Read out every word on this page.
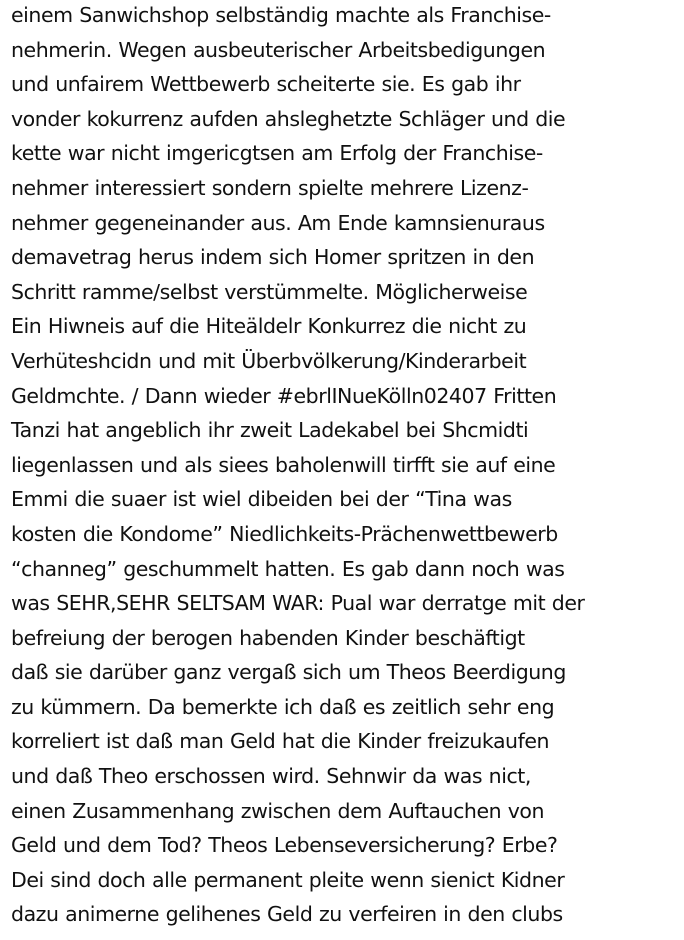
einem Sanwichshop selbständig machte als Franchise-
nehmerin. Wegen ausbeuterischer Arbeitsbedigungen
und unfairem Wettbewerb scheiterte sie. Es gab ihr
vonder kokurrenz aufden ahsleghetzte Schläger und die
kette war nicht imgericgtsen am Erfolg der Franchise-
nehmer interessiert sondern spielte mehrere Lizenz-
nehmer gegeneinander aus. Am Ende kamnsienuraus
demavetrag herus indem sich Homer spritzen in den
Schritt ramme/selbst verstümmelte. Möglicherweise
Ein Hiwneis auf die Hiteäldelr Konkurrez die nicht zu
Verhüteshcidn und mit Überbvölkerung/Kinderarbeit
Geldmchte. / Dann wieder #ebrlINueKölln02407 Fritten
Tanzi hat angeblich ihr zweit Ladekabel bei Shcmidti
liegenlassen und als siees baholenwill tirfft sie auf eine
Emmi die suaer ist wiel dibeiden bei der “Tina was
kosten die Kondome” Niedlichkeits-Prächenwettbewerb
“channeg” geschummelt hatten. Es gab dann noch was
was SEHR,SEHR SELTSAM WAR: Pual war derratge mit der
befreiung der berogen habenden Kinder beschäftigt
daß sie darüber ganz vergaß sich um Theos Beerdigung
zu kümmern. Da bemerkte ich daß es zeitlich sehr eng
korreliert ist daß man Geld hat die Kinder freizukaufen
und daß Theo erschossen wird. Sehnwir da was nict,
einen Zusammenhang zwischen dem Auftauchen von
Geld und dem Tod? Theos Lebenseversicherung? Erbe?
Dei sind doch alle permanent pleite wenn sienict Kidner
dazu animerne gelihenes Geld zu verfeiren in den clubs
